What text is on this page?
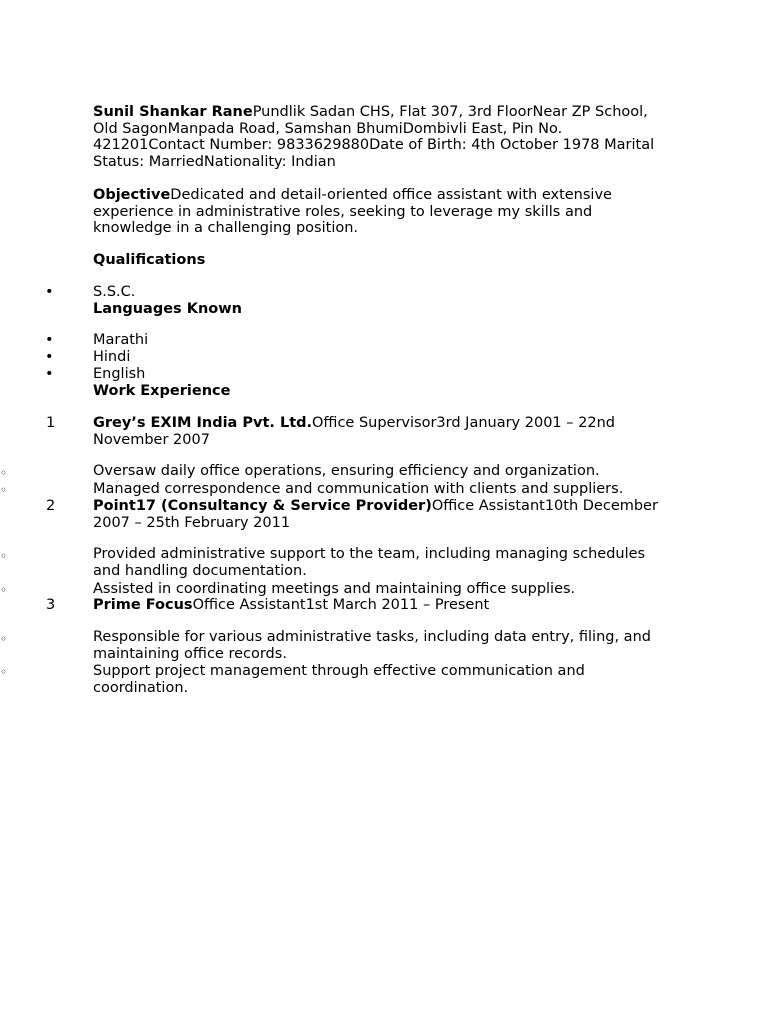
Sunil Shankar RanePundlik Sadan CHS, Flat 307, 3rd FloorNear ZP School, Old SagonManpada Road, Samshan BhumiDombivli East, Pin No. 421201Contact Number: 9833629880Date of Birth: 4th October 1978 Marital Status: MarriedNationality: Indian

ObjectiveDedicated and detail-oriented office assistant with extensive experience in administrative roles, seeking to leverage my skills and knowledge in a challenging position.

Qualifications

•	S.S.C.

Languages Known

•	Marathi

•	Hindi

•	English

Work Experience

1	Grey’s EXIM India Pvt. Ltd.Office Supervisor3rd January 2001 – 22nd November 2007

◦	Oversaw daily office operations, ensuring efficiency and organization.

◦	Managed correspondence and communication with clients and suppliers.

2	Point17 (Consultancy & Service Provider)Office Assistant10th December 2007 – 25th February 2011

◦	Provided administrative support to the team, including managing schedules and handling documentation.

◦	Assisted in coordinating meetings and maintaining office supplies.

3	Prime FocusOffice Assistant1st March 2011 – Present

◦	Responsible for various administrative tasks, including data entry, filing, and maintaining office records.

◦	Support project management through effective communication and coordination.
